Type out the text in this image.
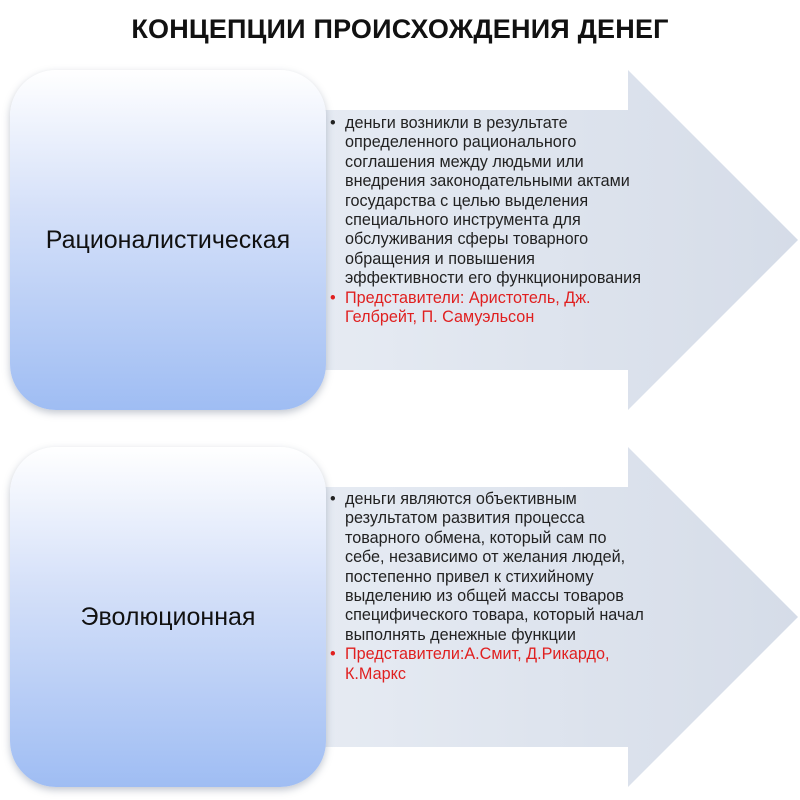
КОНЦЕПЦИИ ПРОИСХОЖДЕНИЯ ДЕНЕГ
Рационалистическая
• деньги возникли в результате определенного рационального соглашения между людьми или внедрения законодательными актами государства с целью выделения специального инструмента для обслуживания сферы товарного обращения и повышения эффективности его функционирования
• Представители: Аристотель, Дж. Гелбрейт, П. Самуэльсон
Эволюционная
• деньги являются объективным результатом развития процесса товарного обмена, который сам по себе, независимо от желания людей, постепенно привел к стихийному выделению из общей массы товаров специфического товара, который начал выполнять денежные функции
• Представители:А.Смит, Д.Рикардо, К.Маркс
